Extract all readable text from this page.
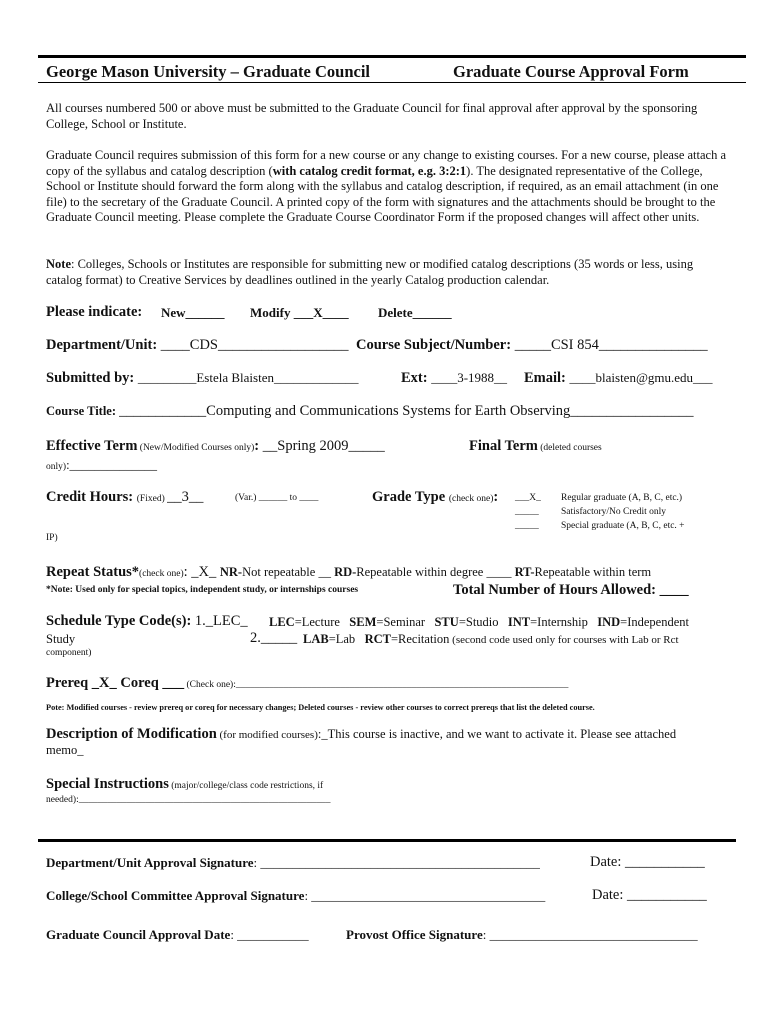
George Mason University – Graduate Council	Graduate Course Approval Form
All courses numbered 500 or above must be submitted to the Graduate Council for final approval after approval by the sponsoring College, School or Institute.
Graduate Council requires submission of this form for a new course or any change to existing courses. For a new course, please attach a copy of the syllabus and catalog description (with catalog credit format, e.g. 3:2:1). The designated representative of the College, School or Institute should forward the form along with the syllabus and catalog description, if required, as an email attachment (in one file) to the secretary of the Graduate Council. A printed copy of the form with signatures and the attachments should be brought to the Graduate Council meeting. Please complete the Graduate Course Coordinator Form if the proposed changes will affect other units.
Note: Colleges, Schools or Institutes are responsible for submitting new or modified catalog descriptions (35 words or less, using catalog format) to Creative Services by deadlines outlined in the yearly Catalog production calendar.
Please indicate: New______ Modify ___X____ Delete______
Department/Unit: ____CDS__________________ Course Subject/Number: _____CSI 854_______________
Submitted by: _________Estela Blaisten_____________	Ext: ____3-1988__ Email: ____blaisten@gmu.edu___
Course Title: ____________Computing and Communications Systems for Earth Observing_________________
Effective Term (New/Modified Courses only): __Spring 2009_____	Final Term (deleted courses
only):______________
Credit Hours: (Fixed) __3__	(Var.) ______ to ____	Grade Type (check one): ___X_ Regular graduate (A, B, C, etc.)
_____ Satisfactory/No Credit only
_____ Special graduate (A, B, C, etc. +
IP)
Repeat Status*(check one): _X_ NR-Not repeatable __ RD-Repeatable within degree ____ RT-Repeatable within term
*Note: Used only for special topics, independent study, or internships courses	Total Number of Hours Allowed: ____
Schedule Type Code(s): 1._LEC_ LEC=Lecture SEM=Seminar STU=Studio INT=Internship IND=Independent
Study	2._____ LAB=Lab RCT=Recitation (second code used only for courses with Lab or Rct
component)
Prereq _X_ Coreq ___ (Check one):______________________________________________________________________
Pote: Modified courses - review prereq or coreq for necessary changes; Deleted courses - review other courses to correct prereqs that list the deleted course.
Description of Modification (for modified courses):_This course is inactive, and we want to activate it. Please see attached
memo_
Special Instructions (major/college/class code restrictions, if
needed):_____________________________________________________
Department/Unit Approval Signature: ___________________________________________	Date: ___________
College/School Committee Approval Signature: ____________________________________	Date: ___________
Graduate Council Approval Date: ___________	Provost Office Signature: ________________________________
